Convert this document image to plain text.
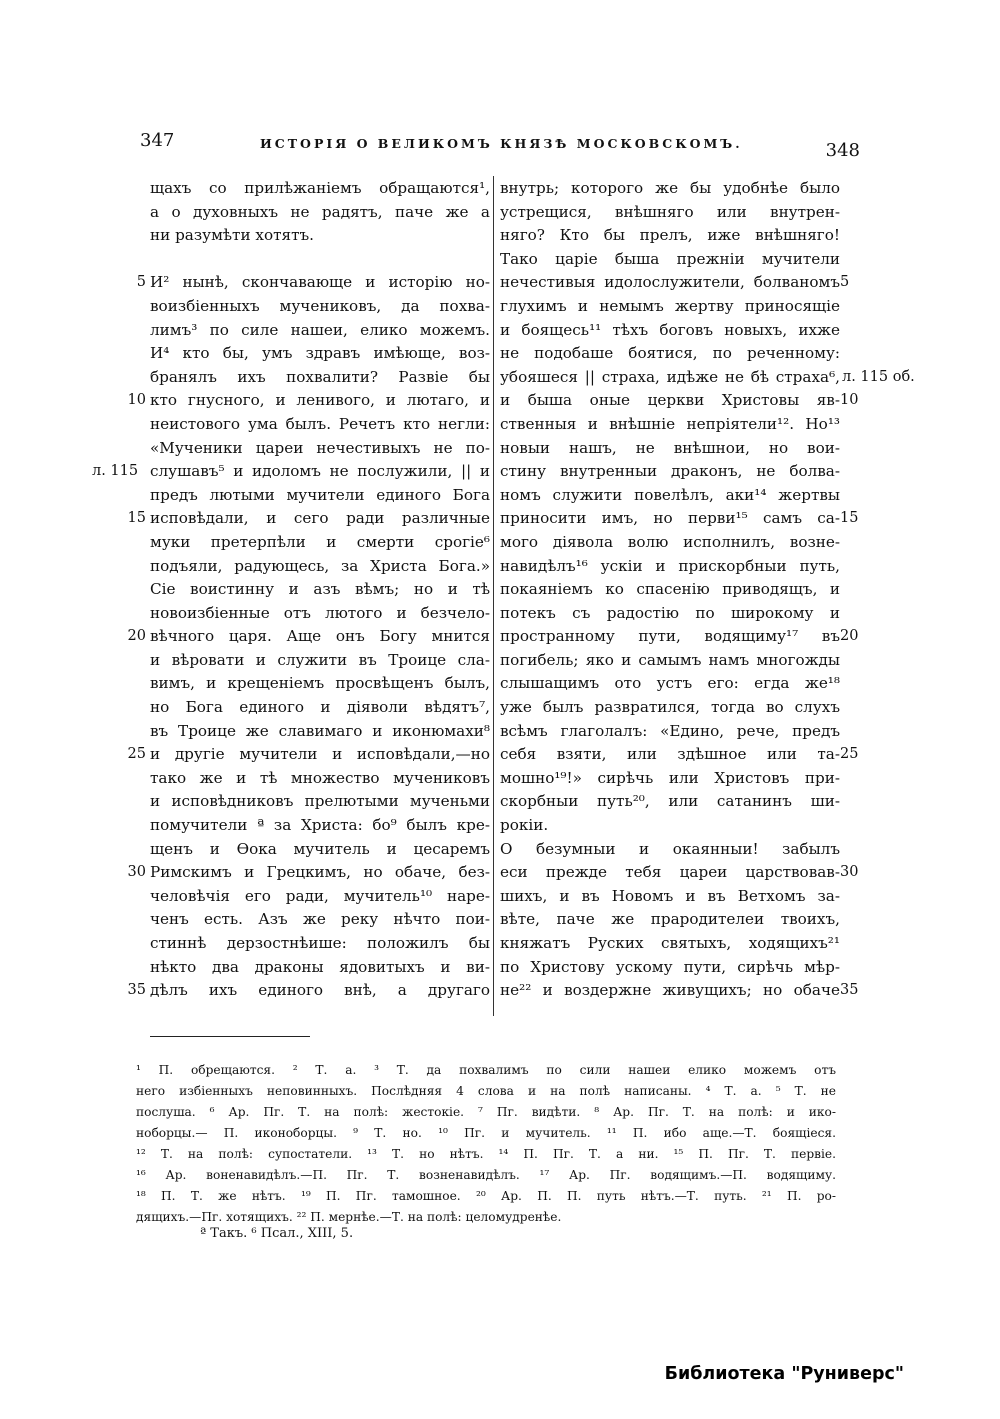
347	ИСТОРІЯ О ВЕЛИКОМЪ КНЯЗѢ МОСКОВСКОМЪ.	348
щахъ со прилѣжаніемъ обращаются¹,
а о духовныхъ не радятъ, паче же а
ни разумѣти хотятъ.
И² нынѣ, скончавающе и исторію но-
воизбіенныхъ мучениковъ, да похва-
лимъ³ по силе нашеи, елико можемъ.
И⁴ кто бы, умъ здравъ имѣюще, воз-
бранялъ ихъ похвалити? Развіе бы
кто гнусного, и ленивого, и лютаго, и
неистового ума былъ. Речетъ кто негли:
«Мученики цареи нечестивыхъ не по-
слушавъ⁵ и идоломъ не послужили, || и
предъ лютыми мучители единого Бога
исповѣдали, и сего ради различные
муки претерпѣли и смерти срогіе⁶
подъяли, радующесь, за Христа Бога.»
Сіе воистинну и азъ вѣмъ; но и тѣ
новоизбіенные отъ лютого и безчело-
вѣчного царя. Аще онъ Богу мнится
и вѣровати и служити въ Троице сла-
вимъ, и крещеніемъ просвѣщенъ былъ,
но Бога единого и діяволи вѣдятъ⁷,
въ Троице же славимаго и иконюмахи⁸
и другіе мучители и исповѣдали,—но
тако же и тѣ множество мучениковъ
и исповѣдниковъ прелютыми мученьми
помучители ª за Христа: бо⁹ былъ кре-
щенъ и Ѳока мучитель и цесаремъ
Римскимъ и Грецкимъ, но обаче, без-
человѣчія его ради, мучитель¹⁰ наре-
ченъ есть. Азъ же реку нѣчто пои-
стиннѣ дерзостнѣише: положилъ бы
нѣкто два драконы ядовитыхъ и ви-
дѣлъ ихъ единого внѣ, а другаго
внутрь; которого же бы удобнѣе было
устрещися, внѣшняго или внутрен-
няго? Кто бы прелъ, иже внѣшняго!
Тако царіе быша прежніи мучители
нечестивыя идолослужители, болваномъ
глухимъ и немымъ жертву приносящіе
и боящесь¹¹ тѣхъ боговъ новыхъ, ихже
не подобаше боятися, по реченному:
убояшеся || страха, идѣже не бѣ страха⁶,
и быша оные церкви Христовы яв-
ственныя и внѣшніе непріятели¹². Но¹³
новыи нашъ, не внѣшнои, но вои-
стину внутренныи драконъ, не болва-
номъ служити повелѣлъ, аки¹⁴ жертвы
приносити имъ, но перви¹⁵ самъ са-
мого діявола волю исполнилъ, возне-
навидѣлъ¹⁶ ускіи и прискорбныи путь,
покаяніемъ ко спасенію приводящъ, и
потекъ съ радостію по широкому и
пространному пути, водящиму¹⁷ въ
погибель; яко и самымъ намъ многожды
слышащимъ ото устъ его: егда же¹⁸
уже былъ развратился, тогда во слухъ
всѣмъ глаголалъ: «Едино, рече, предъ
себя взяти, или здѣшное или та-
мошно¹⁹!» сирѣчь или Христовъ при-
скорбныи путь²⁰, или сатанинъ ши-
рокіи.
О безумныи и окаянныи! забылъ
еси прежде тебя цареи царствовав-
шихъ, и въ Новомъ и въ Ветхомъ за-
вѣте, паче же прародителеи твоихъ,
княжатъ Руских святыхъ, ходящихъ²¹
по Христову ускому пути, сирѣчь мѣр-
не²² и воздержне живущихъ; но обаче
5
10
15
20
25
30
35
5
10
15
20
25
30
35
л. 115
л. 115 об.
¹ П. обрещаются. ² Т. а. ³ Т. да похвалимъ по сили нашеи елико можемъ отъ
него избіенныхъ неповинныхъ. Послѣдняя 4 слова и на полѣ написаны. ⁴ Т. а. ⁵ Т. не
послуша. ⁶ Ар. Пг. Т. на полѣ: жестокіе. ⁷ Пг. видѣти. ⁸ Ар. Пг. Т. на полѣ: и ико-
ноборцы.— П. иконоборцы. ⁹ Т. но. ¹⁰ Пг. и мучитель. ¹¹ П. ибо аще.—Т. боящіеся.
¹² Т. на полѣ: супостатели. ¹³ Т. но нѣтъ. ¹⁴ П. Пг. Т. а ни. ¹⁵ П. Пг. Т. первіе.
¹⁶ Ар. воненавидѣлъ.—П. Пг. Т. возненавидѣлъ. ¹⁷ Ар. Пг. водящимъ.—П. водящиму.
¹⁸ П. Т. же нѣтъ. ¹⁹ П. Пг. тамошное. ²⁰ Ар. П. П. путь нѣтъ.—Т. путь. ²¹ П. ро-
дящихъ.—Пг. хотящихъ. ²² П. мернѣе.—Т. на полѣ: целомудренѣе.
ª Такъ. ⁶ Псал., XIII, 5.
Библиотека "Руниверс"
